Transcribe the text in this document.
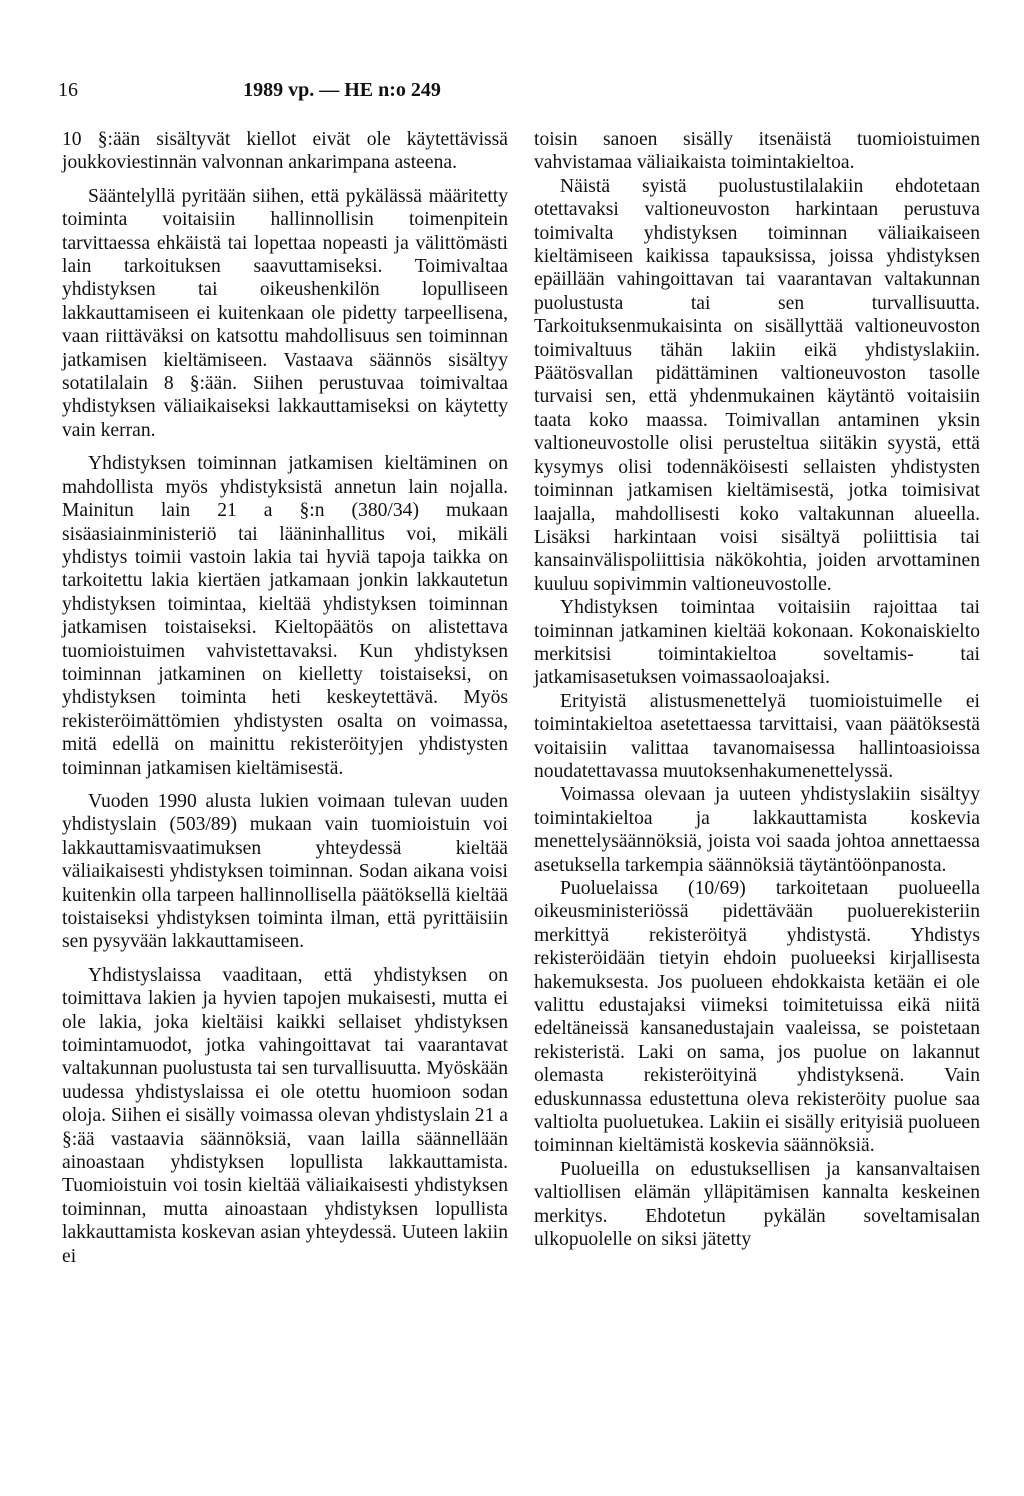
16	1989 vp. — HE n:o 249

10 §:ään sisältyvät kiellot eivät ole käytettävissä joukkoviestinnän valvonnan ankarimpana asteena.

Sääntelyllä pyritään siihen, että pykälässä määritetty toiminta voitaisiin hallinnollisin toimenpitein tarvittaessa ehkäistä tai lopettaa nopeasti ja välittömästi lain tarkoituksen saavuttamiseksi. Toimivaltaa yhdistyksen tai oikeushenkilön lopulliseen lakkauttamiseen ei kuitenkaan ole pidetty tarpeellisena, vaan riittäväksi on katsottu mahdollisuus sen toiminnan jatkamisen kieltämiseen. Vastaava säännös sisältyy sotatilalain 8 §:ään. Siihen perustuvaa toimivaltaa yhdistyksen väliaikaiseksi lakkauttamiseksi on käytetty vain kerran.

Yhdistyksen toiminnan jatkamisen kieltäminen on mahdollista myös yhdistyksistä annetun lain nojalla. Mainitun lain 21 a §:n (380/34) mukaan sisäasiainministeriö tai lääninhallitus voi, mikäli yhdistys toimii vastoin lakia tai hyviä tapoja taikka on tarkoitettu lakia kiertäen jatkamaan jonkin lakkautetun yhdistyksen toimintaa, kieltää yhdistyksen toiminnan jatkamisen toistaiseksi. Kieltopäätös on alistettava tuomioistuimen vahvistettavaksi. Kun yhdistyksen toiminnan jatkaminen on kielletty toistaiseksi, on yhdistyksen toiminta heti keskeytettävä. Myös rekisteröimättömien yhdistysten osalta on voimassa, mitä edellä on mainittu rekisteröityjen yhdistysten toiminnan jatkamisen kieltämisestä.

Vuoden 1990 alusta lukien voimaan tulevan uuden yhdistyslain (503/89) mukaan vain tuomioistuin voi lakkauttamisvaatimuksen yhteydessä kieltää väliaikaisesti yhdistyksen toiminnan. Sodan aikana voisi kuitenkin olla tarpeen hallinnollisella päätöksellä kieltää toistaiseksi yhdistyksen toiminta ilman, että pyrittäisiin sen pysyvään lakkauttamiseen.

Yhdistyslaissa vaaditaan, että yhdistyksen on toimittava lakien ja hyvien tapojen mukaisesti, mutta ei ole lakia, joka kieltäisi kaikki sellaiset yhdistyksen toimintamuodot, jotka vahingoittavat tai vaarantavat valtakunnan puolustusta tai sen turvallisuutta. Myöskään uudessa yhdistyslaissa ei ole otettu huomioon sodan oloja. Siihen ei sisälly voimassa olevan yhdistyslain 21 a §:ää vastaavia säännöksiä, vaan lailla säännellään ainoastaan yhdistyksen lopullista lakkauttamista. Tuomioistuin voi tosin kieltää väliaikaisesti yhdistyksen toiminnan, mutta ainoastaan yhdistyksen lopullista lakkauttamista koskevan asian yhteydessä. Uuteen lakiin ei

toisin sanoen sisälly itsenäistä tuomioistuimen vahvistamaa väliaikaista toimintakieltoa.

Näistä syistä puolustustilalakiin ehdotetaan otettavaksi valtioneuvoston harkintaan perustuva toimivalta yhdistyksen toiminnan väliaikaiseen kieltämiseen kaikissa tapauksissa, joissa yhdistyksen epäillään vahingoittavan tai vaarantavan valtakunnan puolustusta tai sen turvallisuutta. Tarkoituksenmukaisinta on sisällyttää valtioneuvoston toimivaltuus tähän lakiin eikä yhdistyslakiin. Päätösvallan pidättäminen valtioneuvoston tasolle turvaisi sen, että yhdenmukainen käytäntö voitaisiin taata koko maassa. Toimivallan antaminen yksin valtioneuvostolle olisi perusteltua siitäkin syystä, että kysymys olisi todennäköisesti sellaisten yhdistysten toiminnan jatkamisen kieltämisestä, jotka toimisivat laajalla, mahdollisesti koko valtakunnan alueella. Lisäksi harkintaan voisi sisältyä poliittisia tai kansainvälispoliittisia näkökohtia, joiden arvottaminen kuuluu sopivimmin valtioneuvostolle.

Yhdistyksen toimintaa voitaisiin rajoittaa tai toiminnan jatkaminen kieltää kokonaan. Kokonaiskielto merkitsisi toimintakieltoa soveltamis- tai jatkamisasetuksen voimassaoloajaksi.

Erityistä alistusmenettelyä tuomioistuimelle ei toimintakieltoa asetettaessa tarvittaisi, vaan päätöksestä voitaisiin valittaa tavanomaisessa hallintoasioissa noudatettavassa muutoksenhakumenettelyssä.

Voimassa olevaan ja uuteen yhdistyslakiin sisältyy toimintakieltoa ja lakkauttamista koskevia menettelysäännöksiä, joista voi saada johtoa annettaessa asetuksella tarkempia säännöksiä täytäntöönpanosta.

Puoluelaissa (10/69) tarkoitetaan puolueella oikeusministeriössä pidettävään puoluerekisteriin merkittyä rekisteröityä yhdistystä. Yhdistys rekisteröidään tietyin ehdoin puolueeksi kirjallisesta hakemuksesta. Jos puolueen ehdokkaista ketään ei ole valittu edustajaksi viimeksi toimitetuissa eikä niitä edeltäneissä kansanedustajain vaaleissa, se poistetaan rekisteristä. Laki on sama, jos puolue on lakannut olemasta rekisteröityinä yhdistyksenä. Vain eduskunnassa edustettuna oleva rekisteröity puolue saa valtiolta puoluetukea. Lakiin ei sisälly erityisiä puolueen toiminnan kieltämistä koskevia säännöksiä.

Puolueilla on edustuksellisen ja kansanvaltaisen valtiollisen elämän ylläpitämisen kannalta keskeinen merkitys. Ehdotetun pykälän soveltamisalan ulkopuolelle on siksi jätetty
